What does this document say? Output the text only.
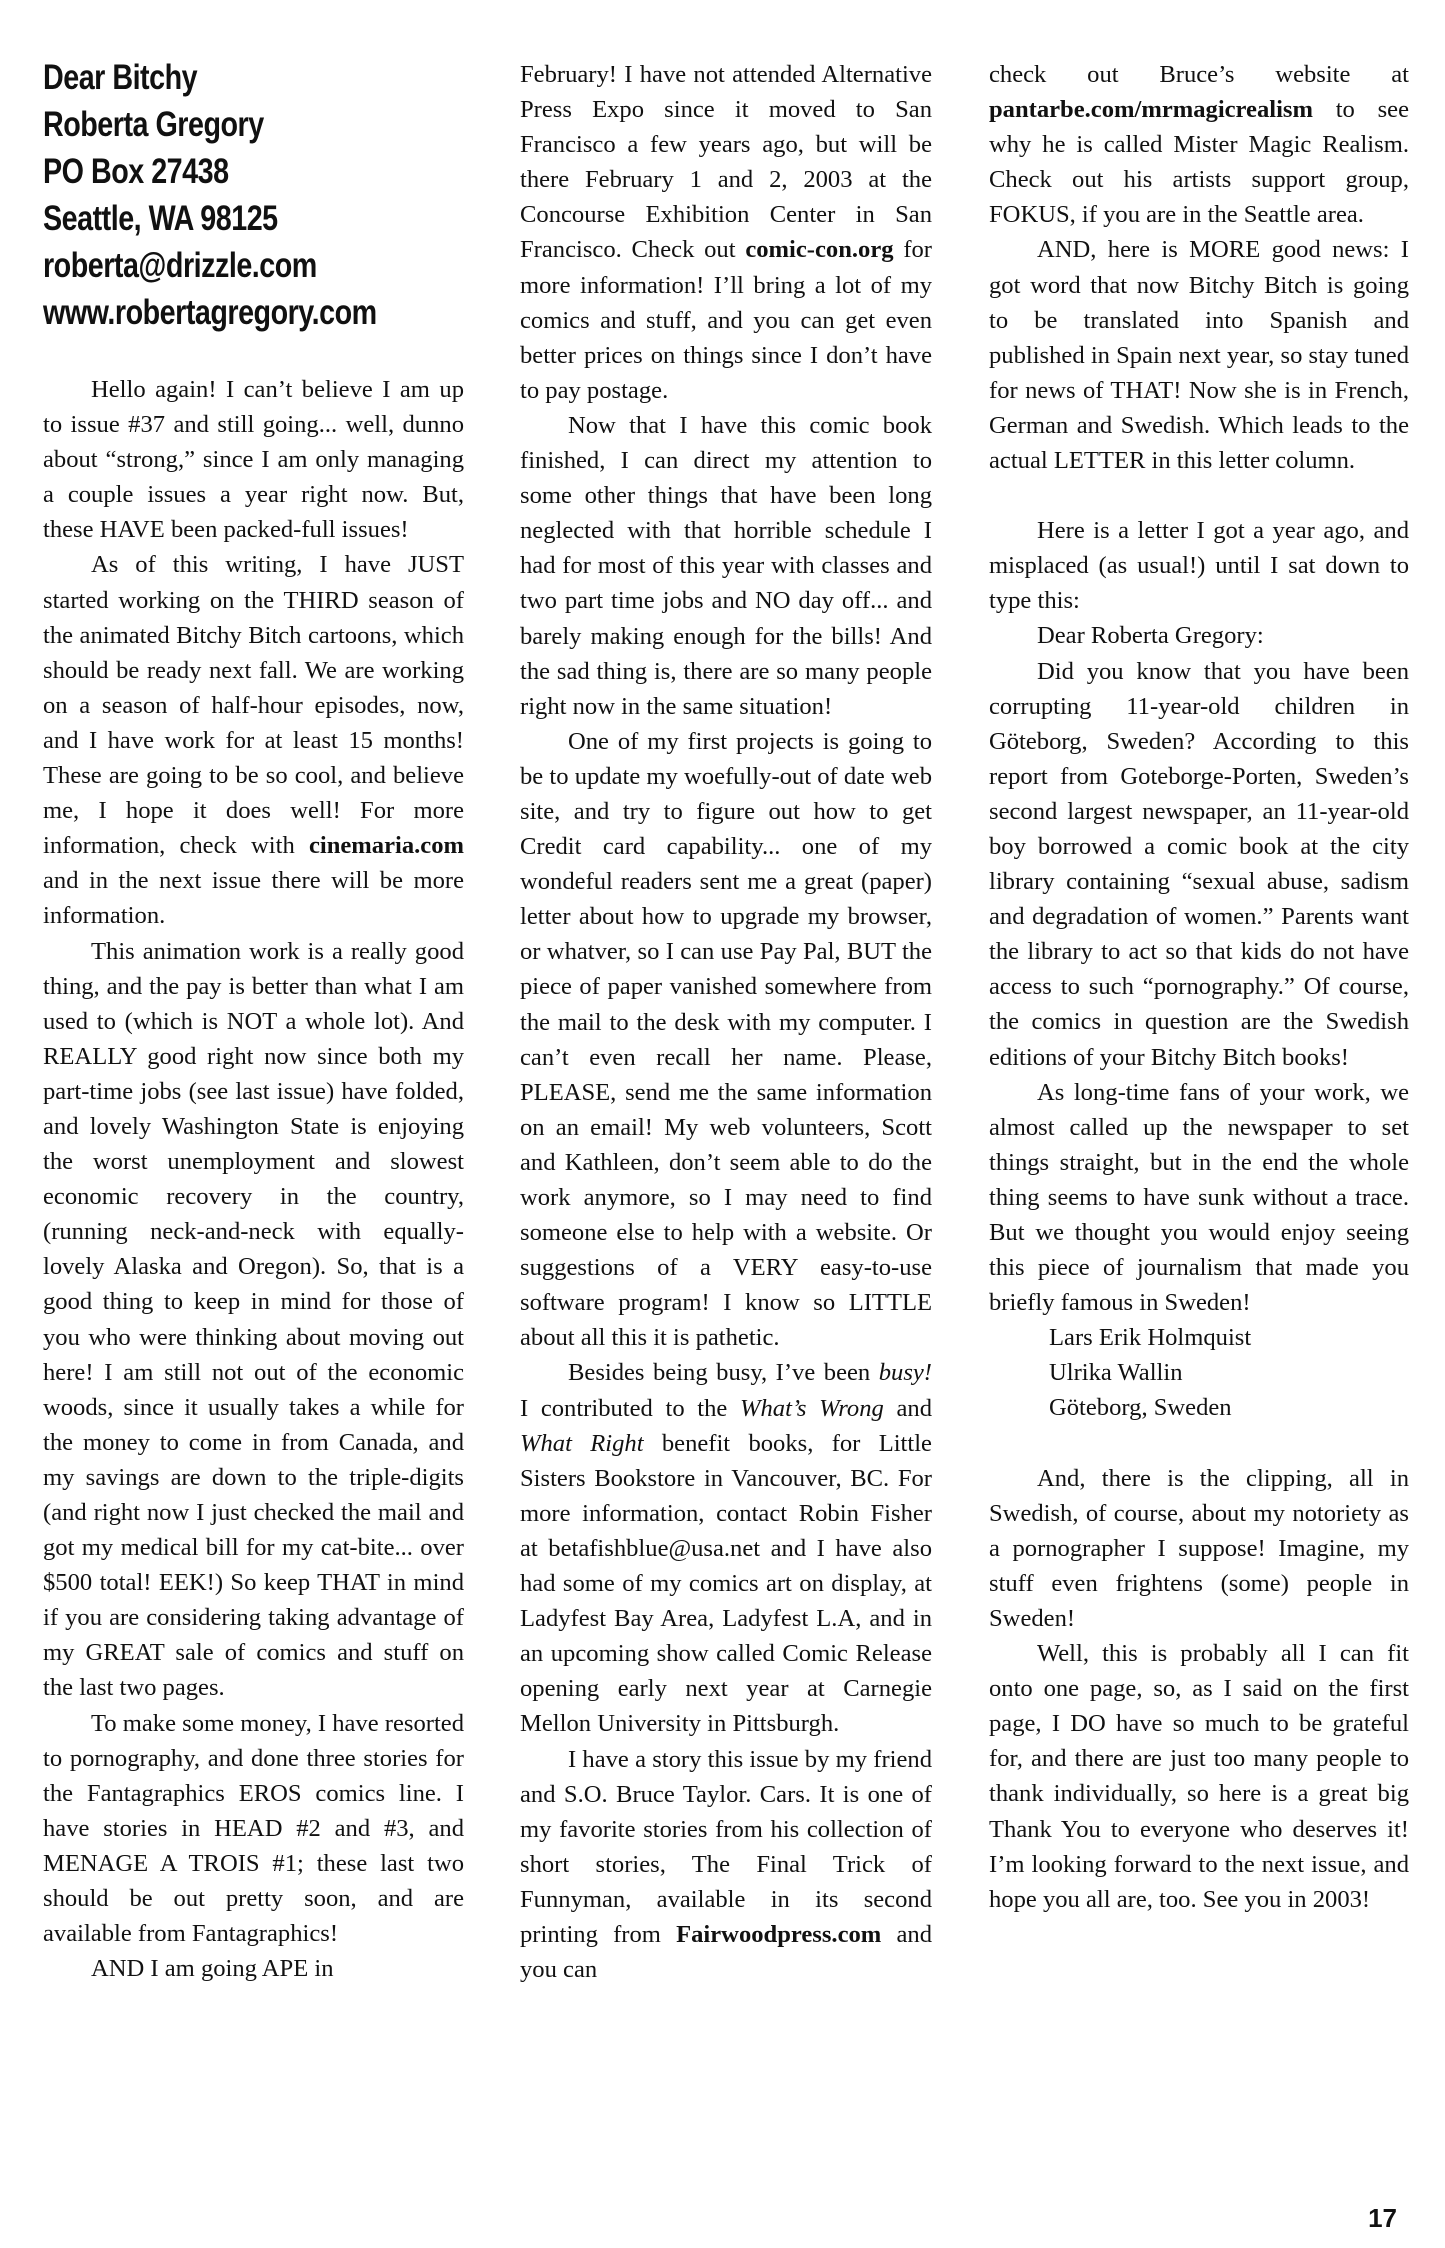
Dear Bitchy
Roberta Gregory
PO Box 27438
Seattle, WA 98125
roberta@drizzle.com
www.robertagregory.com

Hello again! I can’t believe I am up to issue #37 and still going... well, dunno about “strong,” since I am only managing a couple issues a year right now. But, these HAVE been packed-full issues!

As of this writing, I have JUST started working on the THIRD season of the animated Bitchy Bitch cartoons, which should be ready next fall. We are working on a season of half-hour episodes, now, and I have work for at least 15 months! These are going to be so cool, and believe me, I hope it does well! For more information, check with cinemaria.com and in the next issue there will be more information.

This animation work is a really good thing, and the pay is better than what I am used to (which is NOT a whole lot). And REALLY good right now since both my part-time jobs (see last issue) have folded, and lovely Washington State is enjoying the worst unemployment and slowest economic recovery in the country, (running neck-and-neck with equally-lovely Alaska and Oregon). So, that is a good thing to keep in mind for those of you who were thinking about moving out here! I am still not out of the economic woods, since it usually takes a while for the money to come in from Canada, and my savings are down to the triple-digits (and right now I just checked the mail and got my medical bill for my cat-bite... over $500 total! EEK!) So keep THAT in mind if you are considering taking advantage of my GREAT sale of comics and stuff on the last two pages.

To make some money, I have resorted to pornography, and done three stories for the Fantagraphics EROS comics line. I have stories in HEAD #2 and #3, and MENAGE A TROIS #1; these last two should be out pretty soon, and are available from Fantagraphics!

AND I am going APE in

February! I have not attended Alternative Press Expo since it moved to San Francisco a few years ago, but will be there February 1 and 2, 2003 at the Concourse Exhibition Center in San Francisco. Check out comic-con.org for more information! I’ll bring a lot of my comics and stuff, and you can get even better prices on things since I don’t have to pay postage.

Now that I have this comic book finished, I can direct my attention to some other things that have been long neglected with that horrible schedule I had for most of this year with classes and two part time jobs and NO day off... and barely making enough for the bills! And the sad thing is, there are so many people right now in the same situation!

One of my first projects is going to be to update my woefully-out of date web site, and try to figure out how to get Credit card capability... one of my wondeful readers sent me a great (paper) letter about how to upgrade my browser, or whatver, so I can use Pay Pal, BUT the piece of paper vanished somewhere from the mail to the desk with my computer. I can’t even recall her name. Please, PLEASE, send me the same information on an email! My web volunteers, Scott and Kathleen, don’t seem able to do the work anymore, so I may need to find someone else to help with a website. Or suggestions of a VERY easy-to-use software program! I know so LITTLE about all this it is pathetic.

Besides being busy, I’ve been busy! I contributed to the What’s Wrong and What Right benefit books, for Little Sisters Bookstore in Vancouver, BC. For more information, contact Robin Fisher at betafishblue@usa.net and I have also had some of my comics art on display, at Ladyfest Bay Area, Ladyfest L.A, and in an upcoming show called Comic Release opening early next year at Carnegie Mellon University in Pittsburgh.

I have a story this issue by my friend and S.O. Bruce Taylor. Cars. It is one of my favorite stories from his collection of short stories, The Final Trick of Funnyman, available in its second printing from Fairwoodpress.com and you can

check out Bruce’s website at pantarbe.com/mrmagicrealism to see why he is called Mister Magic Realism. Check out his artists support group, FOKUS, if you are in the Seattle area.

AND, here is MORE good news: I got word that now Bitchy Bitch is going to be translated into Spanish and published in Spain next year, so stay tuned for news of THAT! Now she is in French, German and Swedish. Which leads to the actual LETTER in this letter column.

Here is a letter I got a year ago, and misplaced (as usual!) until I sat down to type this:

Dear Roberta Gregory:

Did you know that you have been corrupting 11-year-old children in Göteborg, Sweden? According to this report from Goteborge-Porten, Sweden’s second largest newspaper, an 11-year-old boy borrowed a comic book at the city library containing “sexual abuse, sadism and degradation of women.” Parents want the library to act so that kids do not have access to such “pornography.” Of course, the comics in question are the Swedish editions of your Bitchy Bitch books!

As long-time fans of your work, we almost called up the newspaper to set things straight, but in the end the whole thing seems to have sunk without a trace. But we thought you would enjoy seeing this piece of journalism that made you briefly famous in Sweden!

Lars Erik Holmquist

Ulrika Wallin

Göteborg, Sweden

And, there is the clipping, all in Swedish, of course, about my notoriety as a pornographer I suppose! Imagine, my stuff even frightens (some) people in Sweden!

Well, this is probably all I can fit onto one page, so, as I said on the first page, I DO have so much to be grateful for, and there are just too many people to thank individually, so here is a great big Thank You to everyone who deserves it! I’m looking forward to the next issue, and hope you all are, too. See you in 2003!

17
